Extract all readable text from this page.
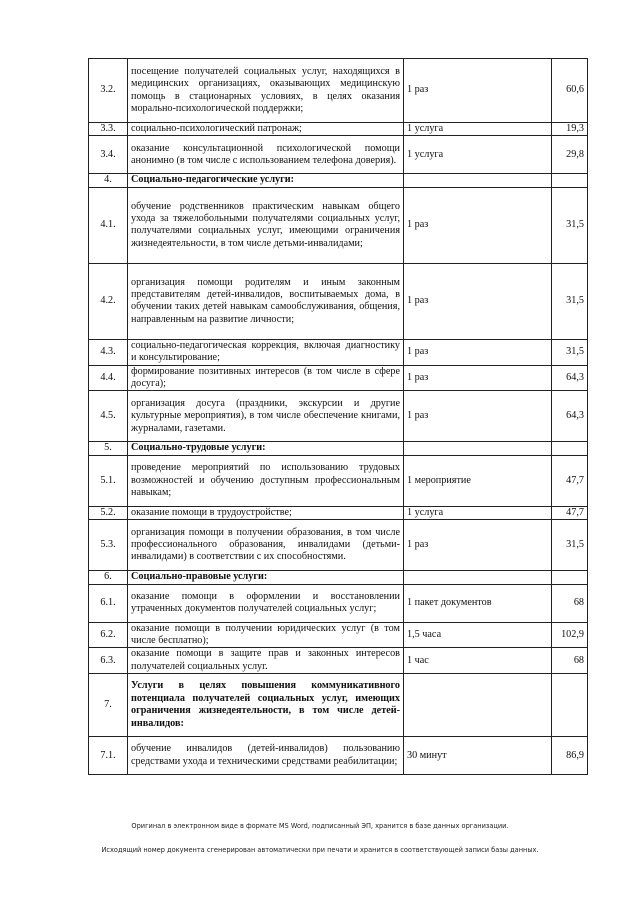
3.2.	посещение получателей социальных услуг, находящихся в медицинских организациях, оказывающих медицинскую помощь в стационарных условиях, в целях оказания морально-психологической поддержки;	1 раз	60,6
3.3.	социально-психологический патронаж;	1 услуга	19,3
3.4.	оказание консультационной психологической помощи анонимно (в том числе с использованием телефона доверия).	1 услуга	29,8
4.	Социально-педагогические услуги:		
4.1.	обучение родственников практическим навыкам общего ухода за тяжелобольными получателями социальных услуг, получателями социальных услуг, имеющими ограничения жизнедеятельности, в том числе детьми-инвалидами;	1 раз	31,5
4.2.	организация помощи родителям и иным законным представителям детей-инвалидов, воспитываемых дома, в обучении таких детей навыкам самообслуживания, общения, направленным на развитие личности;	1 раз	31,5
4.3.	социально-педагогическая коррекция, включая диагностику и консультирование;	1 раз	31,5
4.4.	формирование позитивных интересов (в том числе в сфере досуга);	1 раз	64,3
4.5.	организация досуга (праздники, экскурсии и другие культурные мероприятия), в том числе обеспечение книгами, журналами, газетами.	1 раз	64,3
5.	Социально-трудовые услуги:		
5.1.	проведение мероприятий по использованию трудовых возможностей и обучению доступным профессиональным навыкам;	1 мероприятие	47,7
5.2.	оказание помощи в трудоустройстве;	1 услуга	47,7
5.3.	организация помощи в получении образования, в том числе профессионального образования, инвалидами (детьми-инвалидами) в соответствии с их способностями.	1 раз	31,5
6.	Социально-правовые услуги:		
6.1.	оказание помощи в оформлении и восстановлении утраченных документов получателей социальных услуг;	1 пакет документов	68
6.2.	оказание помощи в получении юридических услуг (в том числе бесплатно);	1,5 часа	102,9
6.3.	оказание помощи в защите прав и законных интересов получателей социальных услуг.	1 час	68
7.	Услуги в целях повышения коммуникативного потенциала получателей социальных услуг, имеющих ограничения жизнедеятельности, в том числе детей-инвалидов:		
7.1.	обучение инвалидов (детей-инвалидов) пользованию средствами ухода и техническими средствами реабилитации;	30 минут	86,9
Оригинал в электронном виде в формате MS Word, подписанный ЭП, хранится в базе данных организации.
Исходящий номер документа сгенерирован автоматически при печати и хранится в соответствующей записи базы данных.
